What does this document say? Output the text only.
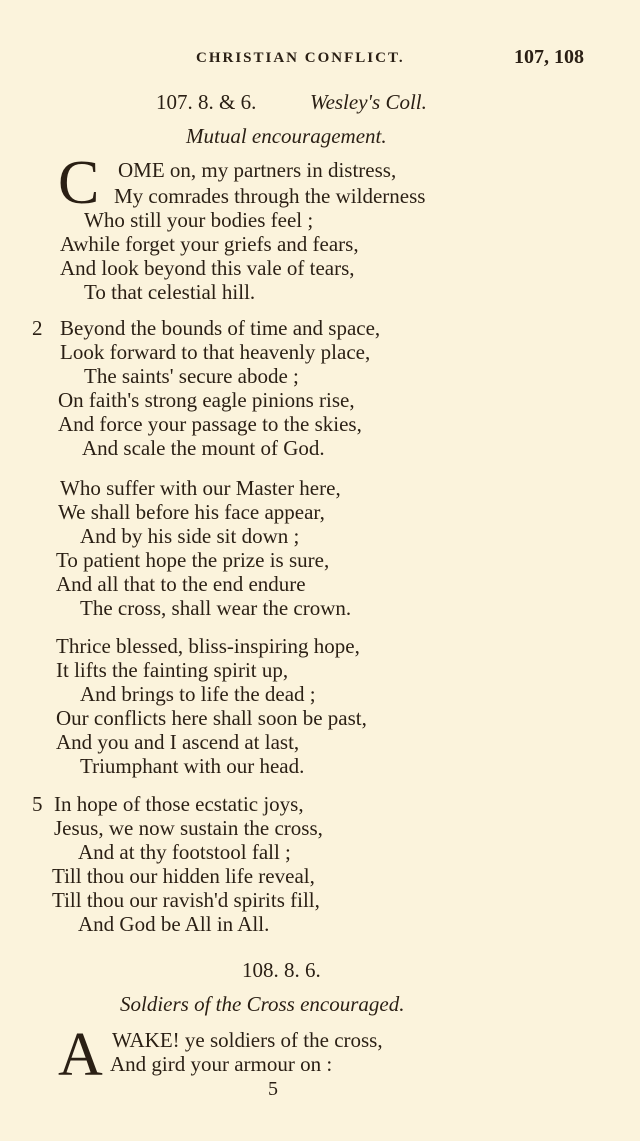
CHRISTIAN CONFLICT.	107, 108
107. 8. & 6.	Wesley's Coll.
Mutual encouragement.
C OME on, my partners in distress,
My comrades through the wilderness
Who still your bodies feel ;
Awhile forget your griefs and fears,
And look beyond this vale of tears,
To that celestial hill.
2 Beyond the bounds of time and space,
Look forward to that heavenly place,
The saints' secure abode ;
On faith's strong eagle pinions rise,
And force your passage to the skies,
And scale the mount of God.
Who suffer with our Master here,
We shall before his face appear,
And by his side sit down ;
To patient hope the prize is sure,
And all that to the end endure
The cross, shall wear the crown.
Thrice blessed, bliss-inspiring hope,
It lifts the fainting spirit up,
And brings to life the dead ;
Our conflicts here shall soon be past,
And you and I ascend at last,
Triumphant with our head.
5 In hope of those ecstatic joys,
Jesus, we now sustain the cross,
And at thy footstool fall ;
Till thou our hidden life reveal,
Till thou our ravish'd spirits fill,
And God be All in All.
108. 8. 6.
Soldiers of the Cross encouraged.
A WAKE! ye soldiers of the cross,
And gird your armour on :
5
